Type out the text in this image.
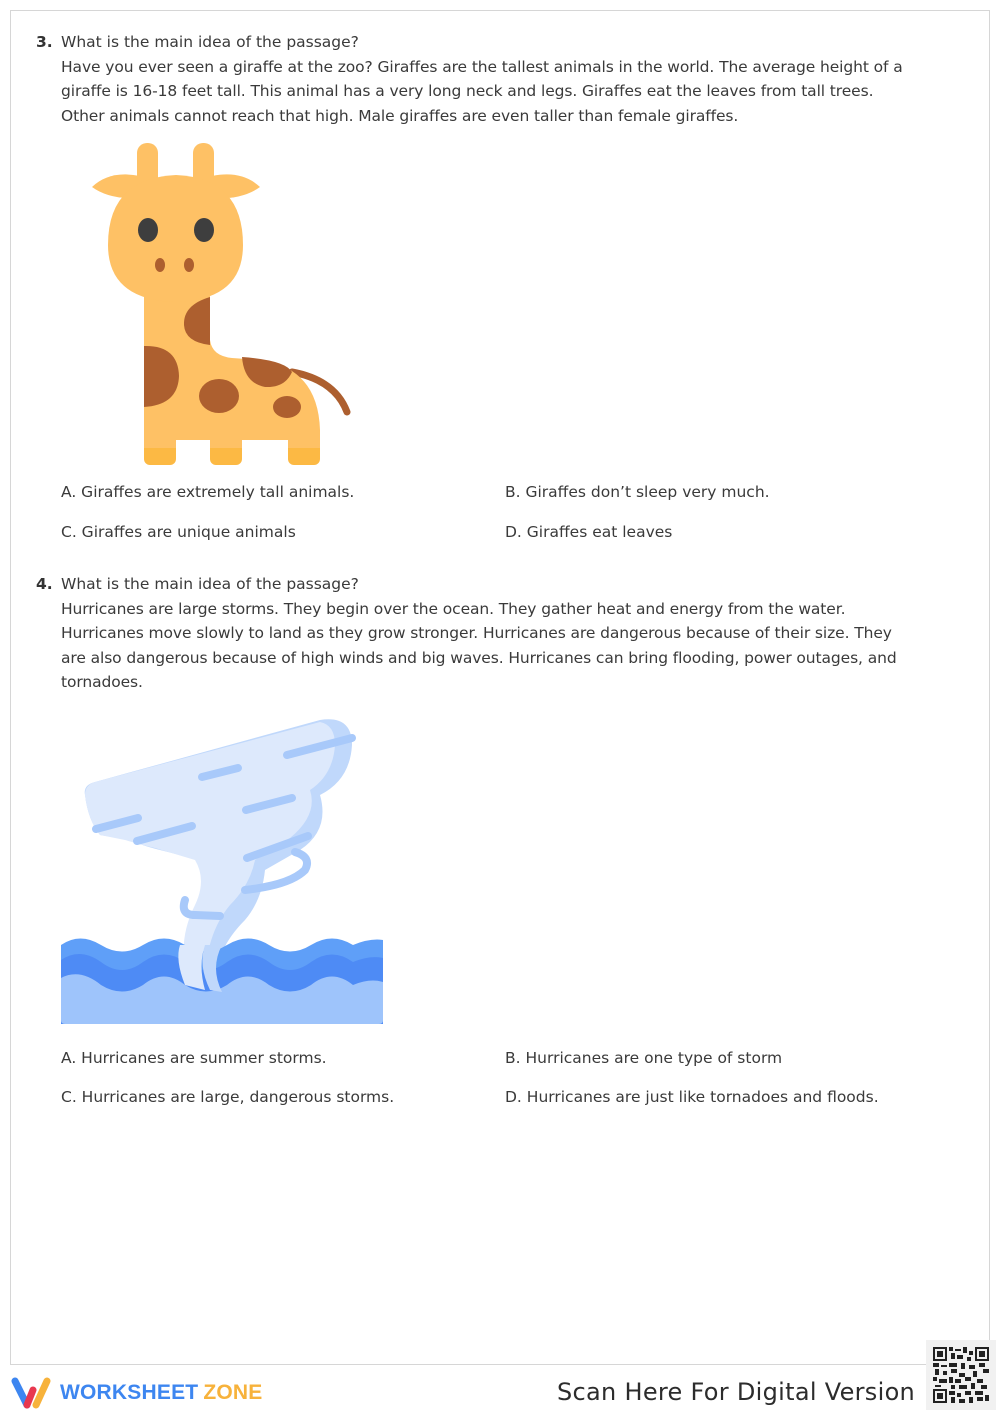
3. What is the main idea of the passage?
Have you ever seen a giraffe at the zoo? Giraffes are the tallest animals in the world. The average height of a
giraffe is 16-18 feet tall. This animal has a very long neck and legs. Giraffes eat the leaves from tall trees.
Other animals cannot reach that high. Male giraffes are even taller than female giraffes.
A. Giraffes are extremely tall animals.	B. Giraffes don’t sleep very much.
C. Giraffes are unique animals	D. Giraffes eat leaves
4. What is the main idea of the passage?
Hurricanes are large storms. They begin over the ocean. They gather heat and energy from the water.
Hurricanes move slowly to land as they grow stronger. Hurricanes are dangerous because of their size. They
are also dangerous because of high winds and big waves. Hurricanes can bring flooding, power outages, and
tornadoes.
A. Hurricanes are summer storms.	B. Hurricanes are one type of storm
C. Hurricanes are large, dangerous storms.	D. Hurricanes are just like tornadoes and floods.
WORKSHEET ZONE	Scan Here For Digital Version
